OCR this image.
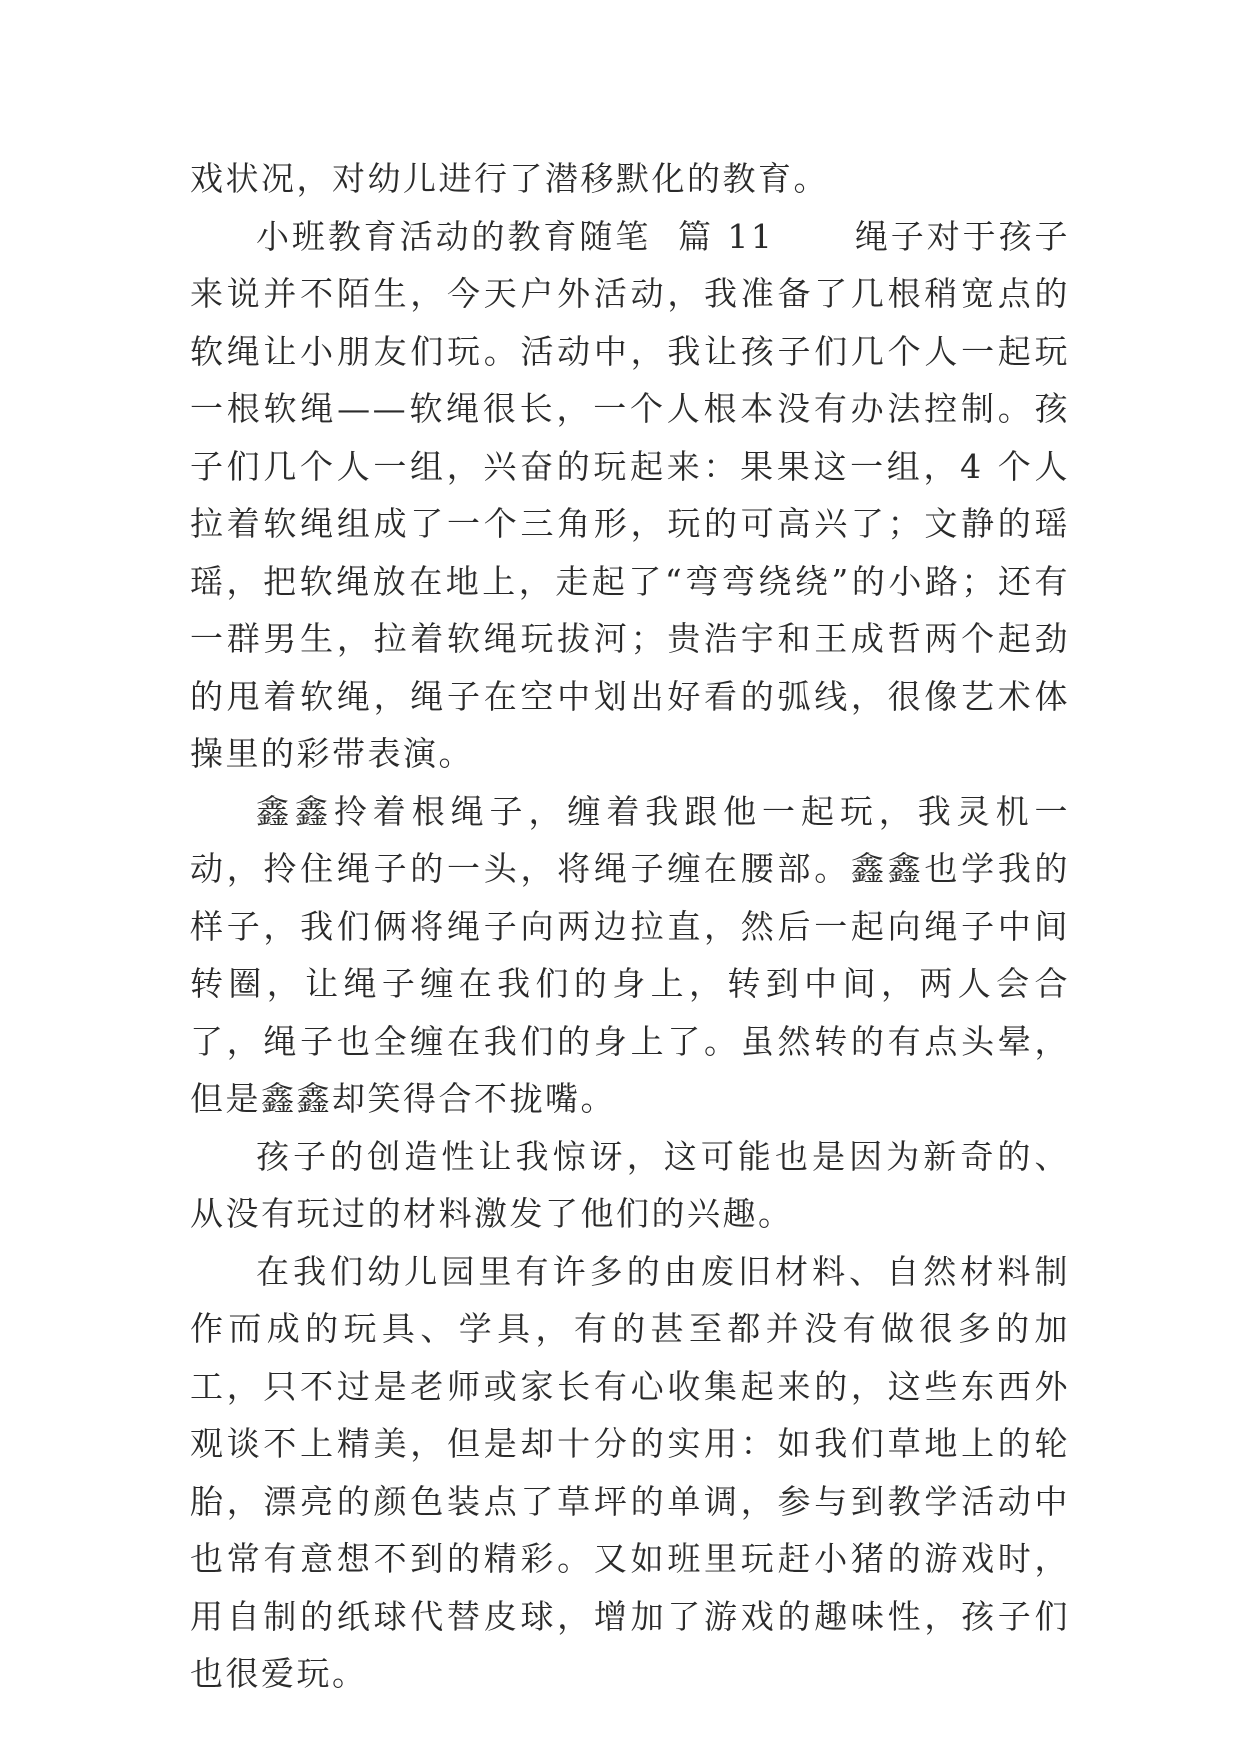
戏状况，对幼儿进行了潜移默化的教育。

小班教育活动的教育随笔  篇 11      绳子对于孩子来说并不陌生，今天户外活动，我准备了几根稍宽点的软绳让小朋友们玩。活动中，我让孩子们几个人一起玩一根软绳——软绳很长，一个人根本没有办法控制。孩子们几个人一组，兴奋的玩起来：果果这一组，4 个人拉着软绳组成了一个三角形，玩的可高兴了；文静的瑶瑶，把软绳放在地上，走起了“弯弯绕绕”的小路；还有一群男生，拉着软绳玩拔河；贵浩宇和王成哲两个起劲的甩着软绳，绳子在空中划出好看的弧线，很像艺术体操里的彩带表演。

鑫鑫拎着根绳子，缠着我跟他一起玩，我灵机一动，拎住绳子的一头，将绳子缠在腰部。鑫鑫也学我的样子，我们俩将绳子向两边拉直，然后一起向绳子中间转圈，让绳子缠在我们的身上，转到中间，两人会合了，绳子也全缠在我们的身上了。虽然转的有点头晕，但是鑫鑫却笑得合不拢嘴。

孩子的创造性让我惊讶，这可能也是因为新奇的、从没有玩过的材料激发了他们的兴趣。

在我们幼儿园里有许多的由废旧材料、自然材料制作而成的玩具、学具，有的甚至都并没有做很多的加工，只不过是老师或家长有心收集起来的，这些东西外观谈不上精美，但是却十分的实用：如我们草地上的轮胎，漂亮的颜色装点了草坪的单调，参与到教学活动中也常有意想不到的精彩。又如班里玩赶小猪的游戏时，用自制的纸球代替皮球，增加了游戏的趣味性，孩子们也很爱玩。
